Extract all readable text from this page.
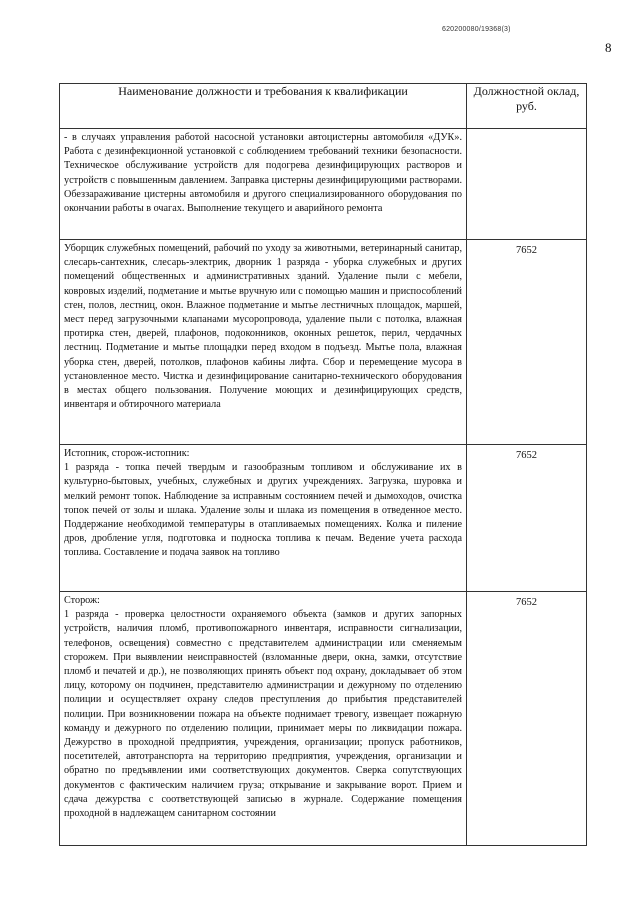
620200080/19368(3)
8
Наименование должности и требования к квалификации	Должностной оклад,
руб.
- в случаях управления работой насосной установки автоцистерны автомобиля «ДУК». Работа с дезинфекционной установкой с соблюдением требований техники безопасности. Техническое обслуживание устройств для подогрева дезинфицирующих растворов и устройств с повышенным давлением. Заправка цистерны дезинфицирующими растворами. Обеззараживание цистерны автомобиля и другого специализированного оборудования по окончании работы в очагах. Выполнение текущего и аварийного ремонта	
Уборщик служебных помещений, рабочий по уходу за животными, ветеринарный санитар, слесарь-сантехник, слесарь-электрик, дворник 1 разряда - уборка служебных и других помещений общественных и административных зданий. Удаление пыли с мебели, ковровых изделий, подметание и мытье вручную или с помощью машин и приспособлений стен, полов, лестниц, окон. Влажное подметание и мытье лестничных площадок, маршей, мест перед загрузочными клапанами мусоропровода, удаление пыли с потолка, влажная протирка стен, дверей, плафонов, подоконников, оконных решеток, перил, чердачных лестниц. Подметание и мытье площадки перед входом в подъезд. Мытье пола, влажная уборка стен, дверей, потолков, плафонов кабины лифта. Сбор и перемещение мусора в установленное место. Чистка и дезинфицирование санитарно-технического оборудования в местах общего пользования. Получение моющих и дезинфицирующих средств, инвентаря и обтирочного материала	7652
Истопник, сторож-истопник:
1 разряда - топка печей твердым и газообразным топливом и обслуживание их в культурно-бытовых, учебных, служебных и других учреждениях. Загрузка, шуровка и мелкий ремонт топок. Наблюдение за исправным состоянием печей и дымоходов, очистка топок печей от золы и шлака. Удаление золы и шлака из помещения в отведенное место. Поддержание необходимой температуры в отапливаемых помещениях. Колка и пиление дров, дробление угля, подготовка и подноска топлива к печам. Ведение учета расхода топлива. Составление и подача заявок на топливо	7652
Сторож:
1 разряда - проверка целостности охраняемого объекта (замков и других запорных устройств, наличия пломб, противопожарного инвентаря, исправности сигнализации, телефонов, освещения) совместно с представителем администрации или сменяемым сторожем. При выявлении неисправностей (взломанные двери, окна, замки, отсутствие пломб и печатей и др.), не позволяющих принять объект под охрану, докладывает об этом лицу, которому он подчинен, представителю администрации и дежурному по отделению полиции и осуществляет охрану следов преступления до прибытия представителей полиции. При возникновении пожара на объекте поднимает тревогу, извещает пожарную команду и дежурного по отделению полиции, принимает меры по ликвидации пожара. Дежурство в проходной предприятия, учреждения, организации; пропуск работников, посетителей, автотранспорта на территорию предприятия, учреждения, организации и обратно по предъявлении ими соответствующих документов. Сверка сопутствующих документов с фактическим наличием груза; открывание и закрывание ворот. Прием и сдача дежурства с соответствующей записью в журнале. Содержание помещения проходной в надлежащем санитарном состоянии	7652
